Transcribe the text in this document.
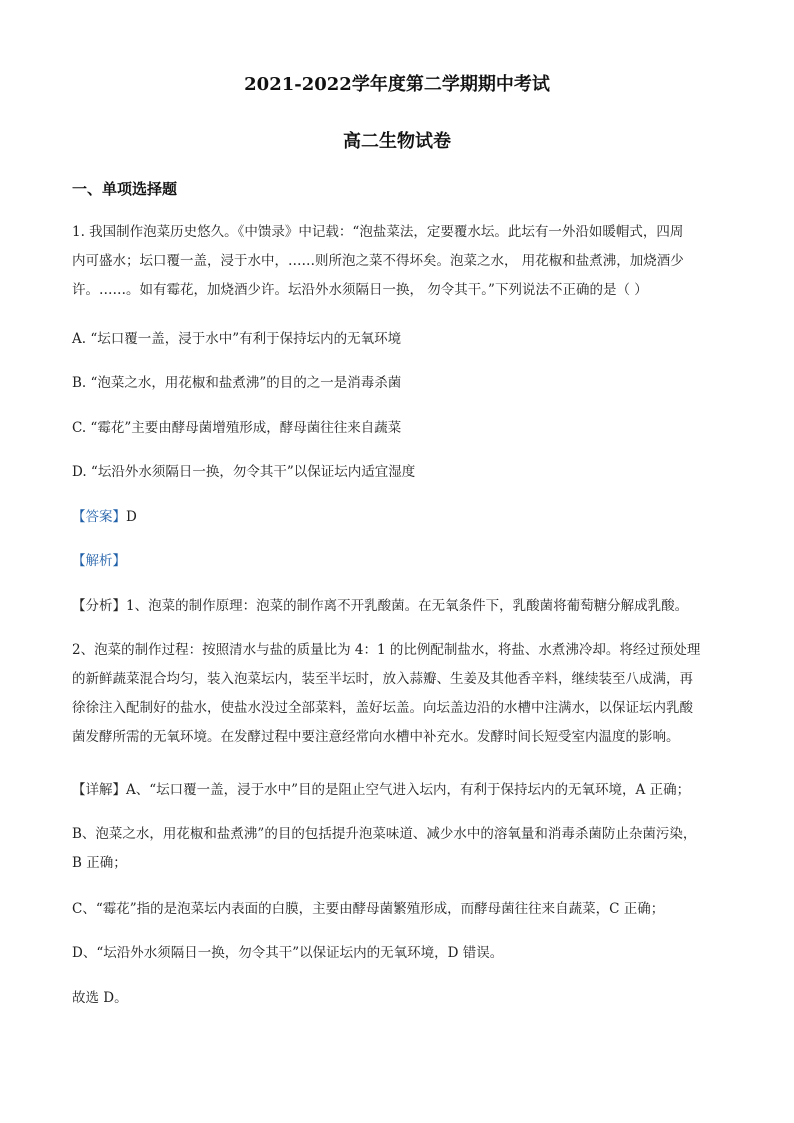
2021-2022学年度第二学期期中考试
高二生物试卷
一、单项选择题
1. 我国制作泡菜历史悠久。《中馈录》中记载：“泡盐菜法，定要覆水坛。此坛有一外沿如暖帽式，四周
内可盛水；坛口覆一盖，浸于水中，……则所泡之菜不得坏矣。泡菜之水， 用花椒和盐煮沸，加烧酒少
许。……。如有霉花，加烧酒少许。坛沿外水须隔日一换， 勿令其干。”下列说法不正确的是（ ）
A. “坛口覆一盖，浸于水中”有利于保持坛内的无氧环境
B. “泡菜之水，用花椒和盐煮沸”的目的之一是消毒杀菌
C. “霉花”主要由酵母菌增殖形成，酵母菌往往来自蔬菜
D. “坛沿外水须隔日一换，勿令其干”以保证坛内适宜湿度
【答案】D
【解析】
【分析】1、泡菜的制作原理：泡菜的制作离不开乳酸菌。在无氧条件下，乳酸菌将葡萄糖分解成乳酸。
2、泡菜的制作过程：按照清水与盐的质量比为 4：1 的比例配制盐水，将盐、水煮沸冷却。将经过预处理
的新鲜蔬菜混合均匀，装入泡菜坛内，装至半坛时，放入蒜瓣、生姜及其他香辛料，继续装至八成满，再
徐徐注入配制好的盐水，使盐水没过全部菜料，盖好坛盖。向坛盖边沿的水槽中注满水，以保证坛内乳酸
菌发酵所需的无氧环境。在发酵过程中要注意经常向水槽中补充水。发酵时间长短受室内温度的影响。
【详解】A、“坛口覆一盖，浸于水中”目的是阻止空气进入坛内，有利于保持坛内的无氧环境，A 正确；
B、泡菜之水，用花椒和盐煮沸”的目的包括提升泡菜味道、减少水中的溶氧量和消毒杀菌防止杂菌污染，
B 正确；
C、“霉花”指的是泡菜坛内表面的白膜，主要由酵母菌繁殖形成，而酵母菌往往来自蔬菜，C 正确；
D、“坛沿外水须隔日一换，勿令其干”以保证坛内的无氧环境，D 错误。
故选 D。
